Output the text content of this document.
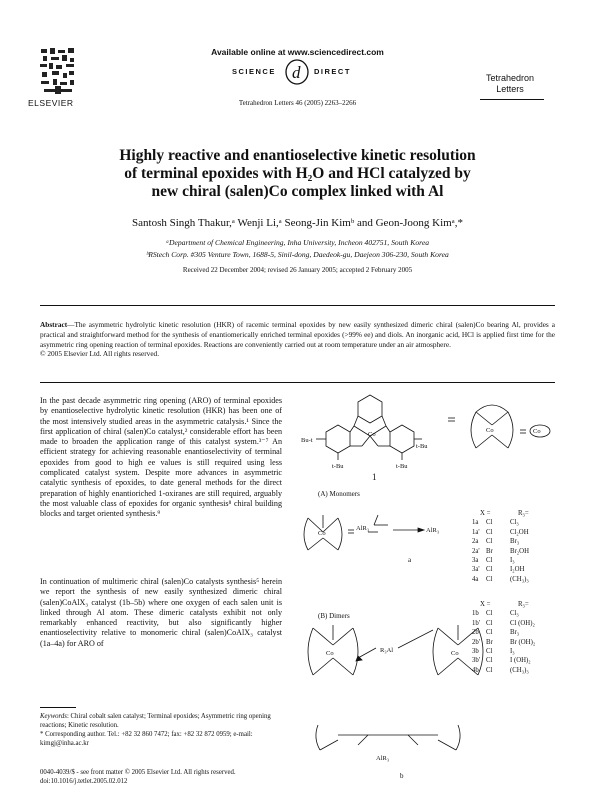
ELSEVIER
Available online at www.sciencedirect.com
SCIENCE d DIRECT
Tetrahedron Letters 46 (2005) 2263–2266
Tetrahedron
Letters
Highly reactive and enantioselective kinetic resolution
of terminal epoxides with H₂O and HCl catalyzed by
new chiral (salen)Co complex linked with Al
Santosh Singh Thakur,ᵃ Wenji Li,ᵃ Seong-Jin Kimᵇ and Geon-Joong Kimᵃ,*
ᵃDepartment of Chemical Engineering, Inha University, Incheon 402751, South Korea
ᵇRStech Corp. #305 Venture Town, 1688-5, Sinil-dong, Daedeok-gu, Daejeon 306-230, South Korea
Received 22 December 2004; revised 26 January 2005; accepted 2 February 2005
Abstract—The asymmetric hydrolytic kinetic resolution (HKR) of racemic terminal epoxides by new easily synthesized dimeric chiral (salen)Co bearing Al, provides a practical and straightforward method for the synthesis of enantiomerically enriched terminal epoxides (>99% ee) and diols. An inorganic acid, HCl is applied first time for the asymmetric ring opening reaction of terminal epoxides. Reactions are conveniently carried out at room temperature under an air atmosphere.
© 2005 Elsevier Ltd. All rights reserved.
In the past decade asymmetric ring opening (ARO) of terminal epoxides by enantioselective hydrolytic kinetic resolution (HKR) has been one of the most intensively studied areas in the asymmetric catalysis.¹ Since the first application of chiral (salen)Co catalyst,² considerable effort has been made to broaden the application range of this catalyst system.³⁻⁷ An efficient strategy for achieving reasonable enantioselectivity of terminal epoxides from good to high ee values is still required using less complicated catalyst system. Despite more advances in asymmetric catalytic synthesis of epoxides, to date general methods for the direct preparation of highly enantioriched 1-oxiranes are still required, arguably the most valuable class of epoxides for organic synthesis⁸ chiral building blocks and target oriented synthesis.⁹
In continuation of multimeric chiral (salen)Co catalysts synthesis⁵ herein we report the synthesis of new easily synthesized dimeric chiral (salen)CoAlX₃ catalyst (1b–5b) where one oxygen of each salen unit is linked through Al atom. These dimeric catalysts exhibit not only remarkably enhanced reactivity, but also significantly higher enantioselectivity relative to monomeric chiral (salen)CoAlX₃ catalyst (1a–4a) for ARO of
Keywords: Chiral cobalt salen catalyst; Terminal epoxides; Asymmetric ring opening reactions; Kinetic resolution.
* Corresponding author. Tel.: +82 32 860 7472; fax: +82 32 872 0959; e-mail: kimgj@inha.ac.kr
0040-4039/$ - see front matter © 2005 Elsevier Ltd. All rights reserved.
doi:10.1016/j.tetlet.2005.02.012
Co
Bu-t
t-Bu
t-Bu	t-Bu
Co	Co
1
(A) Monomers
Co
AlR₃	AlR₃
a
(B) Dimers
Co	Co
R₃Al
AlR₃
b
X =	R₃=
1a	Cl	Cl₃
1a' Cl	Cl₂OH
2a	Cl	Br₃
2a' Br	Br₂OH
3a	Cl	I₃
3a' Cl	I₂OH
4a	Cl	(CH₃)₃
X =	R₃=
1b	Cl	Cl₃
1b' Cl	Cl (OH)₂
2b	Cl	Br₃
2b' Br	Br (OH)₂
3b	Cl	I₃
3b' Cl	I (OH)₂
4b	Cl	(CH₃)₃
